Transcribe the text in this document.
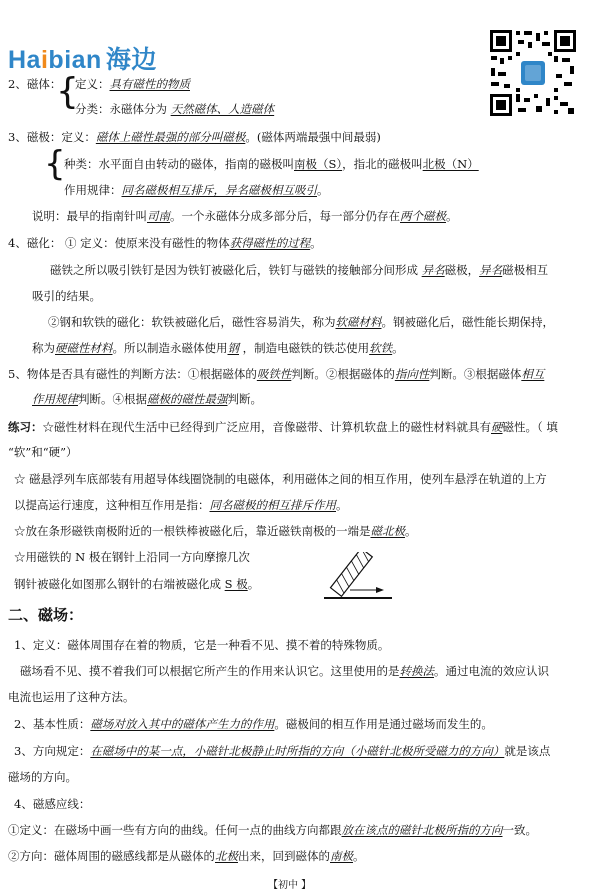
Haibian 海边
2、磁体：
{
定义：具有磁性的物质
分类：永磁体分为 天然磁体、人造磁体
3、磁极：定义：磁体上磁性最强的部分叫磁极。(磁体两端最强中间最弱)
{
种类：水平面自由转动的磁体，指南的磁极叫南极（S），指北的磁极叫北极（N）
作用规律：同名磁极相互排斥，异名磁极相互吸引。
说明：最早的指南针叫司南。一个永磁体分成多部分后，每一部分仍存在两个磁极。
4、磁化： ① 定义：使原来没有磁性的物体获得磁性的过程。
磁铁之所以吸引铁钉是因为铁钉被磁化后，铁钉与磁铁的接触部分间形成 异名磁极，异名磁极相互
吸引的结果。
②钢和软铁的磁化：软铁被磁化后，磁性容易消失，称为软磁材料。钢被磁化后，磁性能长期保持，
称为硬磁性材料。所以制造永磁体使用钢 ，制造电磁铁的铁芯使用软铁。
5、物体是否具有磁性的判断方法：①根据磁体的吸铁性判断。②根据磁体的指向性判断。③根据磁体相互
作用规律判断。④根据磁极的磁性最强判断。
练习：☆磁性材料在现代生活中已经得到广泛应用，音像磁带、计算机软盘上的磁性材料就具有硬磁性。（ 填
“软”和“硬”）
☆ 磁悬浮列车底部装有用超导体线圈饶制的电磁体，利用磁体之间的相互作用，使列车悬浮在轨道的上方
以提高运行速度，这种相互作用是指：同名磁极的相互排斥作用。
☆放在条形磁铁南极附近的一根铁棒被磁化后，靠近磁铁南极的一端是磁北极。
☆用磁铁的 N 极在钢针上沿同一方向摩擦几次
钢针被磁化如图那么钢针的右端被磁化成 S 极。
二、磁场：
1、定义：磁体周围存在着的物质，它是一种看不见、摸不着的特殊物质。
磁场看不见、摸不着我们可以根据它所产生的作用来认识它。这里使用的是转换法。通过电流的效应认识
电流也运用了这种方法。
2、基本性质：磁场对放入其中的磁体产生力的作用。磁极间的相互作用是通过磁场而发生的。
3、方向规定：在磁场中的某一点，小磁针北极静止时所指的方向（小磁针北极所受磁力的方向）就是该点
磁场的方向。
4、磁感应线：
①定义：在磁场中画一些有方向的曲线。任何一点的曲线方向都跟放在该点的磁针北极所指的方向一致。
②方向：磁体周围的磁感线都是从磁体的北极出来，回到磁体的南极。
【初中 】
